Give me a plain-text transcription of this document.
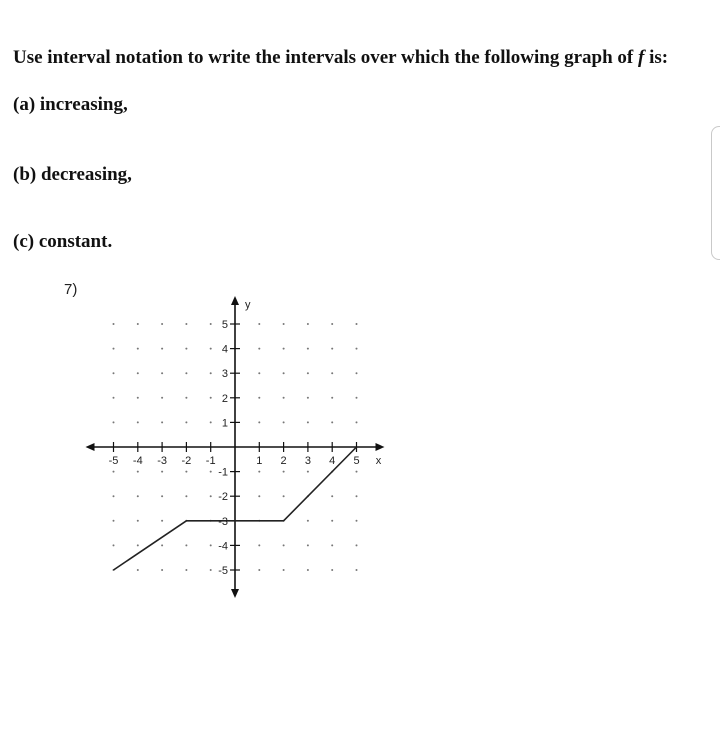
Use interval notation to write the intervals over which the following graph of f is:
(a) increasing,
(b) decreasing,
(c) constant.
7)
-5 -4 -3 -2 -1	1 2 3 4 5
5
4
3
2
1
-1
-2
-3
-4
-5
x
y
